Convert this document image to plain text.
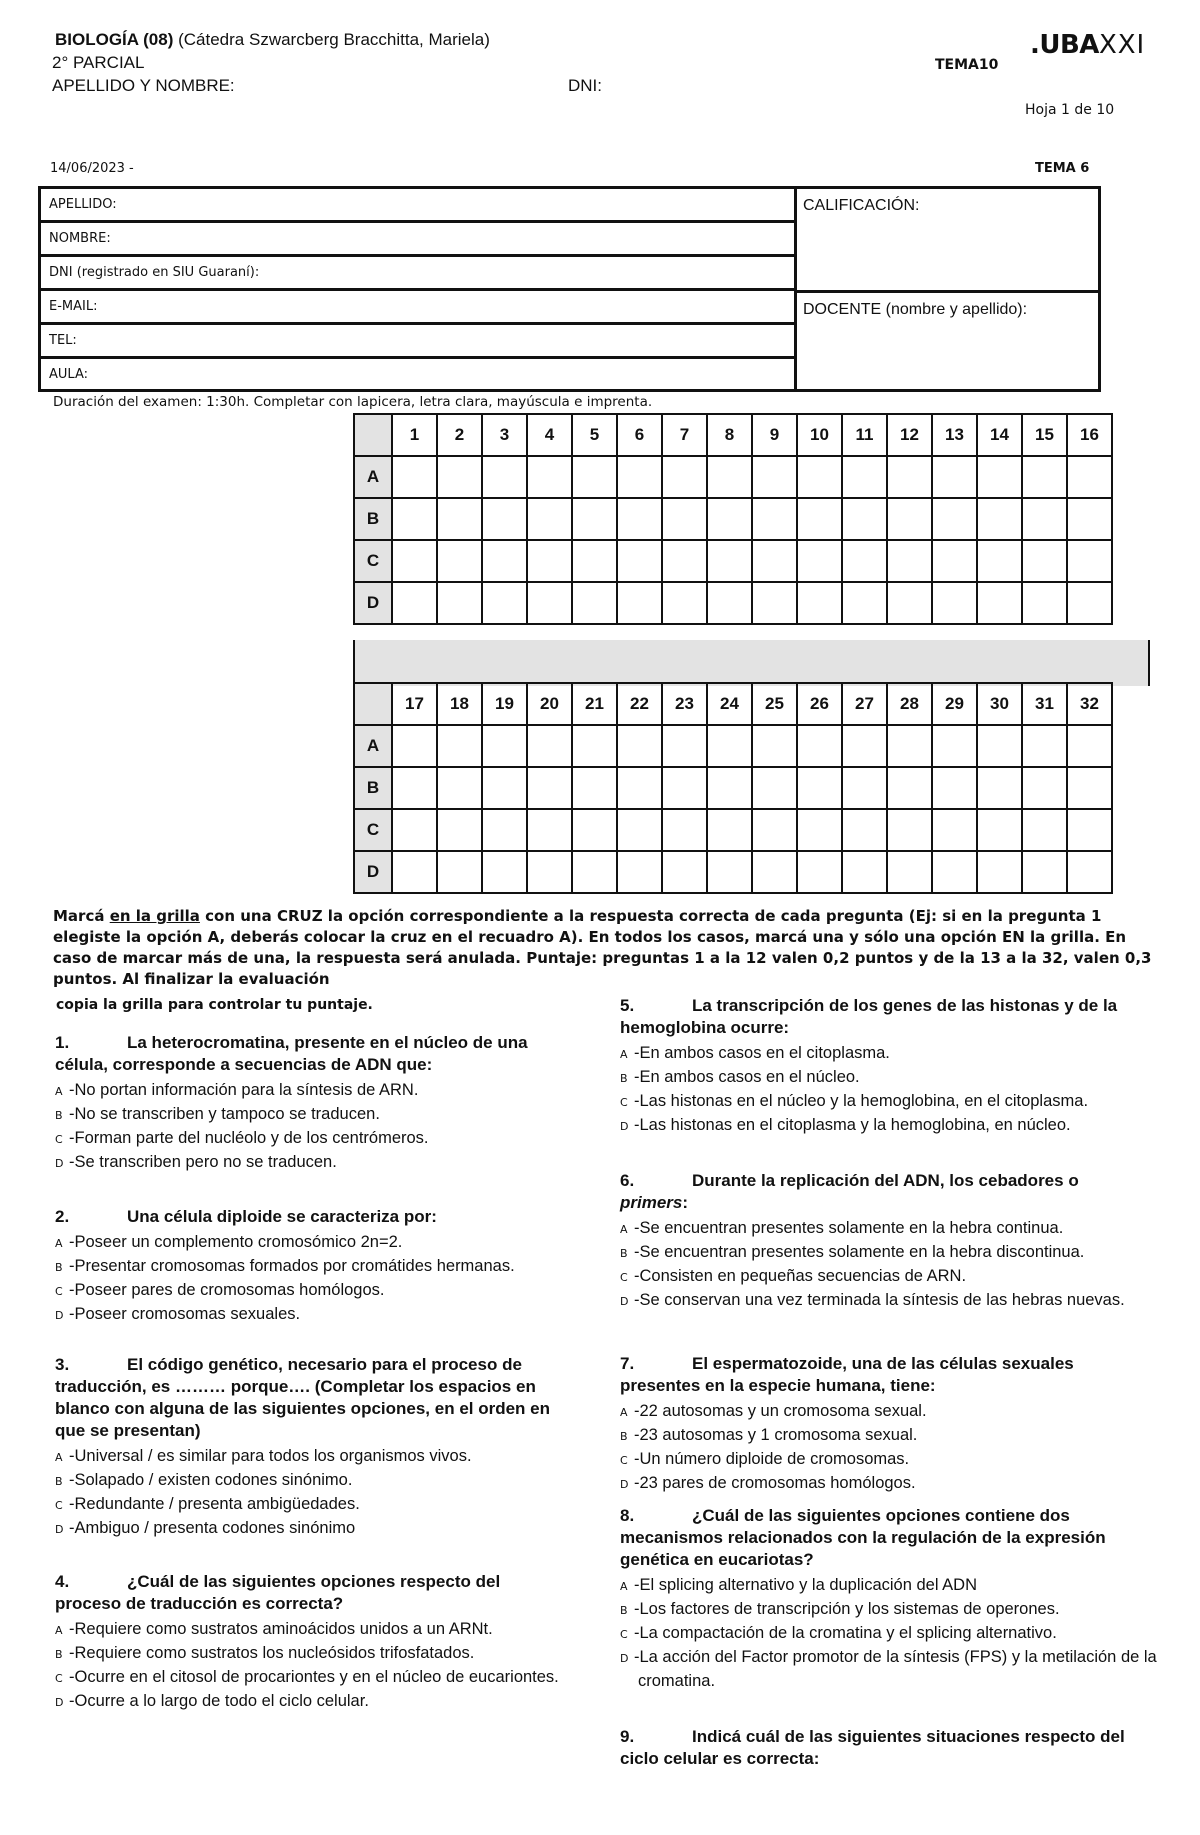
BIOLOGÍA (08) (Cátedra Szwarcberg Bracchitta, Mariela)
2° PARCIAL
APELLIDO Y NOMBRE:	DNI:
TEMA10
.UBAXXI
Hoja 1 de 10
14/06/2023 -	TEMA 6
APELLIDO:
NOMBRE:
DNI (registrado en SIU Guaraní):
E-MAIL:
TEL:
AULA:
CALIFICACIÓN:
DOCENTE (nombre y apellido):
Duración del examen: 1:30h. Completar con lapicera, letra clara, mayúscula e imprenta.
	1	2	3	4	5	6	7	8	9	10	11	12	13	14	15	16
A																
B																
C																
D																
	17	18	19	20	21	22	23	24	25	26	27	28	29	30	31	32
A																
B																
C																
D																
Marcá en la grilla con una CRUZ la opción correspondiente a la respuesta correcta de cada pregunta (Ej: si en la pregunta 1 elegiste la opción A, deberás colocar la cruz en el recuadro A). En todos los casos, marcá una y sólo una opción EN la grilla. En caso de marcar más de una, la respuesta será anulada. Puntaje: preguntas 1 a la 12 valen 0,2 puntos y de la 13 a la 32, valen 0,3 puntos. Al finalizar la evaluación
copia la grilla para controlar tu puntaje.
1.	La heterocromatina, presente en el núcleo de una célula, corresponde a secuencias de ADN que:
A -No portan información para la síntesis de ARN.
B -No se transcriben y tampoco se traducen.
C -Forman parte del nucléolo y de los centrómeros.
D -Se transcriben pero no se traducen.
2.	Una célula diploide se caracteriza por:
A -Poseer un complemento cromosómico 2n=2.
B -Presentar cromosomas formados por cromátides hermanas.
C -Poseer pares de cromosomas homólogos.
D -Poseer cromosomas sexuales.
3.	El código genético, necesario para el proceso de traducción, es ……… porque…. (Completar los espacios en blanco con alguna de las siguientes opciones, en el orden en que se presentan)
A -Universal / es similar para todos los organismos vivos.
B -Solapado / existen codones sinónimo.
C -Redundante / presenta ambigüedades.
D -Ambiguo / presenta codones sinónimo
4.	¿Cuál de las siguientes opciones respecto del proceso de traducción es correcta?
A -Requiere como sustratos aminoácidos unidos a un ARNt.
B -Requiere como sustratos los nucleósidos trifosfatados.
C -Ocurre en el citosol de procariontes y en el núcleo de eucariontes.
D -Ocurre a lo largo de todo el ciclo celular.
5.	La transcripción de los genes de las histonas y de la hemoglobina ocurre:
A -En ambos casos en el citoplasma.
B -En ambos casos en el núcleo.
C -Las histonas en el núcleo y la hemoglobina, en el citoplasma.
D -Las histonas en el citoplasma y la hemoglobina, en núcleo.
6.	Durante la replicación del ADN, los cebadores o primers:
A -Se encuentran presentes solamente en la hebra continua.
B -Se encuentran presentes solamente en la hebra discontinua.
C -Consisten en pequeñas secuencias de ARN.
D -Se conservan una vez terminada la síntesis de las hebras nuevas.
7.	El espermatozoide, una de las células sexuales presentes en la especie humana, tiene:
A -22 autosomas y un cromosoma sexual.
B -23 autosomas y 1 cromosoma sexual.
C -Un número diploide de cromosomas.
D -23 pares de cromosomas homólogos.
8.	¿Cuál de las siguientes opciones contiene dos mecanismos relacionados con la regulación de la expresión genética en eucariotas?
A -El splicing alternativo y la duplicación del ADN
B -Los factores de transcripción y los sistemas de operones.
C -La compactación de la cromatina y el splicing alternativo.
D -La acción del Factor promotor de la síntesis (FPS) y la metilación de la cromatina.
9.	Indicá cuál de las siguientes situaciones respecto del ciclo celular es correcta:
